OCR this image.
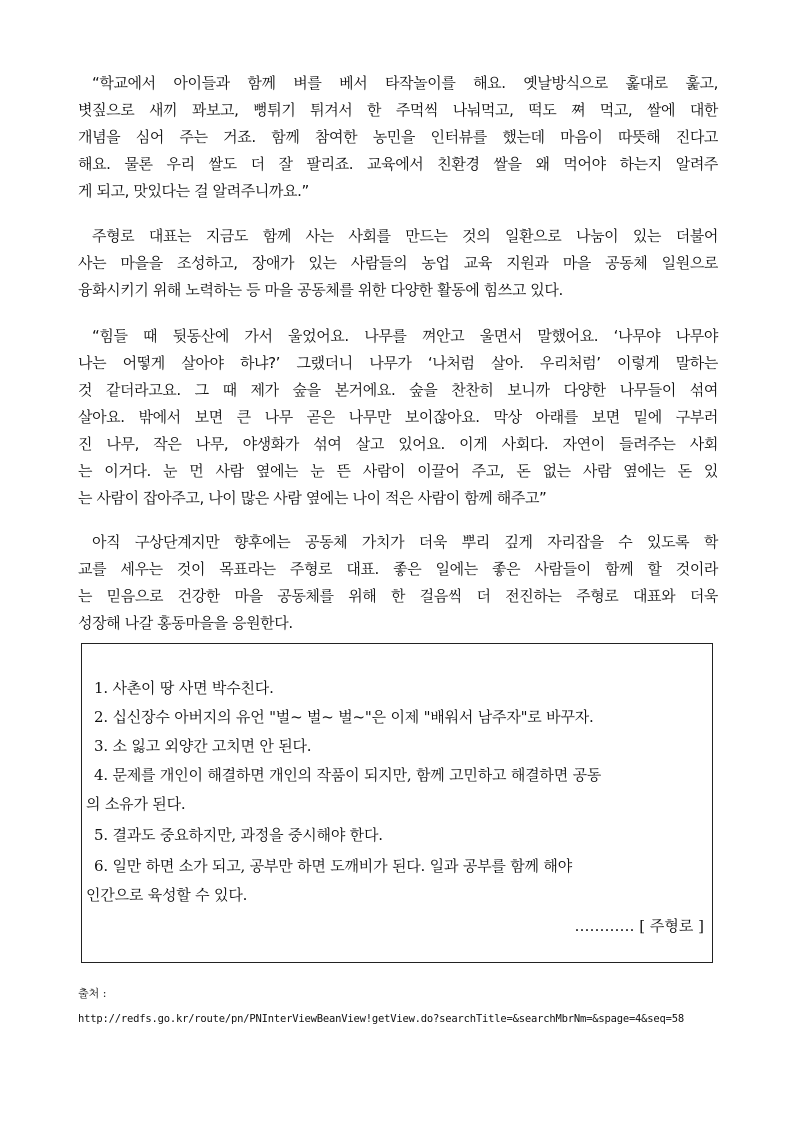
“학교에서 아이들과 함께 벼를 베서 타작놀이를 해요. 옛날방식으로 홅대로 훑고,
볏짚으로 새끼 꽈보고, 뻥튀기 튀겨서 한 주먹씩 나눠먹고, 떡도 쪄 먹고, 쌀에 대한
개념을 심어 주는 거죠. 함께 참여한 농민을 인터뷰를 했는데 마음이 따뜻해 진다고
해요. 물론 우리 쌀도 더 잘 팔리죠. 교육에서 친환경 쌀을 왜 먹어야 하는지 알려주
게 되고, 맛있다는 걸 알려주니까요.”

주형로 대표는 지금도 함께 사는 사회를 만드는 것의 일환으로 나눔이 있는 더불어
사는 마을을 조성하고, 장애가 있는 사람들의 농업 교육 지원과 마을 공동체 일원으로
융화시키기 위해 노력하는 등 마을 공동체를 위한 다양한 활동에 힘쓰고 있다.

“힘들 때 뒷동산에 가서 울었어요. 나무를 껴안고 울면서 말했어요. ‘나무야 나무야
나는 어떻게 살아야 하냐?’ 그랬더니 나무가 ‘나처럼 살아. 우리처럼’ 이렇게 말하는
것 같더라고요. 그 때 제가 숲을 본거에요. 숲을 찬찬히 보니까 다양한 나무들이 섞여
살아요. 밖에서 보면 큰 나무 곧은 나무만 보이잖아요. 막상 아래를 보면 밑에 구부러
진 나무, 작은 나무, 야생화가 섞여 살고 있어요. 이게 사회다. 자연이 들려주는 사회
는 이거다. 눈 먼 사람 옆에는 눈 뜬 사람이 이끌어 주고, 돈 없는 사람 옆에는 돈 있
는 사람이 잡아주고, 나이 많은 사람 옆에는 나이 적은 사람이 함께 해주고”

아직 구상단계지만 향후에는 공동체 가치가 더욱 뿌리 깊게 자리잡을 수 있도록 학
교를 세우는 것이 목표라는 주형로 대표. 좋은 일에는 좋은 사람들이 함께 할 것이라
는 믿음으로 건강한 마을 공동체를 위해 한 걸음씩 더 전진하는 주형로 대표와 더욱
성장해 나갈 홍동마을을 응원한다.

1. 사촌이 땅 사면 박수친다.
2. 십신장수 아버지의 유언 "벌~ 벌~ 벌~"은 이제 "배워서 남주자"로 바꾸자.
3. 소 잃고 외양간 고치면 안 된다.
4. 문제를 개인이 해결하면 개인의 작품이 되지만, 함께 고민하고 해결하면 공동
의 소유가 된다.
5. 결과도 중요하지만, 과정을 중시해야 한다.
6. 일만 하면 소가 되고, 공부만 하면 도깨비가 된다. 일과 공부를 함께 해야
인간으로 육성할 수 있다.
………… [ 주형로 ]
출처 :
http://redfs.go.kr/route/pn/PNInterViewBeanView!getView.do?searchTitle=&searchMbrNm=&spage=4&seq=58
